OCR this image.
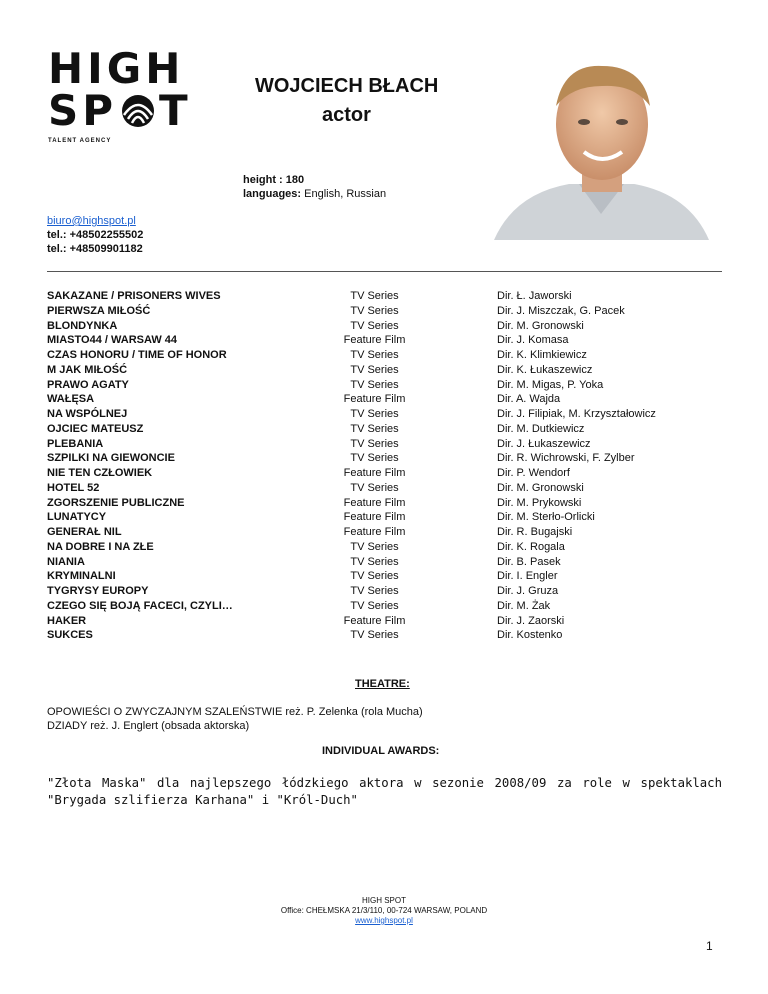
HIGH
SP T
TALENT AGENCY
WOJCIECH BŁACH
actor
height : 180
languages: English, Russian
biuro@highspot.pl
tel.: +48502255502
tel.: +48509901182
SAKAZANE / PRISONERS WIVES	TV Series	Dir. Ł. Jaworski
PIERWSZA MIŁOŚĆ	TV Series	Dir. J. Miszczak, G. Pacek
BLONDYNKA	TV Series	Dir. M. Gronowski
MIASTO44 / WARSAW 44	Feature Film	Dir. J. Komasa
CZAS HONORU / TIME OF HONOR	TV Series	Dir. K. Klimkiewicz
M JAK MIŁOŚĆ	TV Series	Dir. K. Łukaszewicz
PRAWO AGATY	TV Series	Dir. M. Migas, P. Yoka
WAŁĘSA	Feature Film	Dir. A. Wajda
NA WSPÓLNEJ	TV Series	Dir. J. Filipiak, M. Krzyształowicz
OJCIEC MATEUSZ	TV Series	Dir. M. Dutkiewicz
PLEBANIA	TV Series	Dir. J. Łukaszewicz
SZPILKI NA GIEWONCIE	TV Series	Dir. R. Wichrowski, F. Zylber
NIE TEN CZŁOWIEK	Feature Film	Dir. P. Wendorf
HOTEL 52	TV Series	Dir. M. Gronowski
ZGORSZENIE PUBLICZNE	Feature Film	Dir. M. Prykowski
LUNATYCY	Feature Film	Dir. M. Sterło-Orlicki
GENERAŁ NIL	Feature Film	Dir. R. Bugajski
NA DOBRE I NA ZŁE	TV Series	Dir. K. Rogala
NIANIA	TV Series	Dir. B. Pasek
KRYMINALNI	TV Series	Dir. I. Engler
TYGRYSY EUROPY	TV Series	Dir. J. Gruza
CZEGO SIĘ BOJĄ FACECI, CZYLI…	TV Series	Dir. M. Żak
HAKER	Feature Film	Dir. J. Zaorski
SUKCES	TV Series	Dir. Kostenko
THEATRE:
OPOWIEŚCI O ZWYCZAJNYM SZALEŃSTWIE reż. P. Zelenka (rola Mucha)
DZIADY reż. J. Englert (obsada aktorska)
INDIVIDUAL AWARDS:
"Złota Maska" dla najlepszego łódzkiego aktora w sezonie 2008/09 za role w spektaklach "Brygada szlifierza Karhana" i "Król-Duch"
HIGH SPOT
Office: CHEŁMSKA 21/3/110, 00-724 WARSAW, POLAND
www.highspot.pl
1
